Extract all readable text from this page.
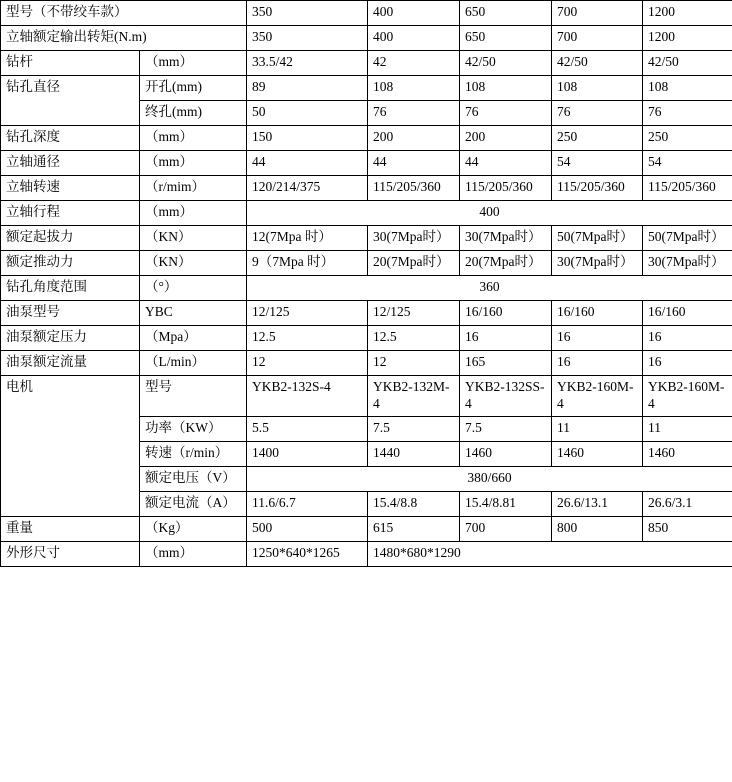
型号（不带绞车款）		350	400	650	700	1200
立轴额定输出转矩(N.m)		350	400	650	700	1200
钻杆	（mm）	33.5/42	42	42/50	42/50	42/50
钻孔直径	开孔(mm)	89	108	108	108	108
	终孔(mm)	50	76	76	76	76
钻孔深度	（mm）	150	200	200	250	250
立轴通径	（mm）	44	44	44	54	54
立轴转速	（r/mim）	120/214/375	115/205/360	115/205/360	115/205/360	115/205/360
立轴行程	（mm）	400				
额定起拔力	（KN）	12(7Mpa 时）	30(7Mpa时）	30(7Mpa时）	50(7Mpa时）	50(7Mpa时）
额定推动力	（KN）	9（7Mpa 时）	20(7Mpa时）	20(7Mpa时）	30(7Mpa时）	30(7Mpa时）
钻孔角度范围	（°）	360				
油泵型号	YBC	12/125	12/125	16/160	16/160	16/160
油泵额定压力	（Mpa）	12.5	12.5	16	16	16
油泵额定流量	（L/min）	12	12	165	16	16
电机	型号	YKB2-132S-4	YKB2-132M-4	YKB2-132SS-4	YKB2-160M-4	YKB2-160M-4
	功率（KW）	5.5	7.5	7.5	11	11
	转速（r/min）	1400	1440	1460	1460	1460
	额定电压（V）	380/660				
	额定电流（A）	11.6/6.7	15.4/8.8	15.4/8.81	26.6/13.1	26.6/3.1
重量	（Kg）	500	615	700	800	850
外形尺寸	（mm）	1250*640*1265	1480*680*1290			
